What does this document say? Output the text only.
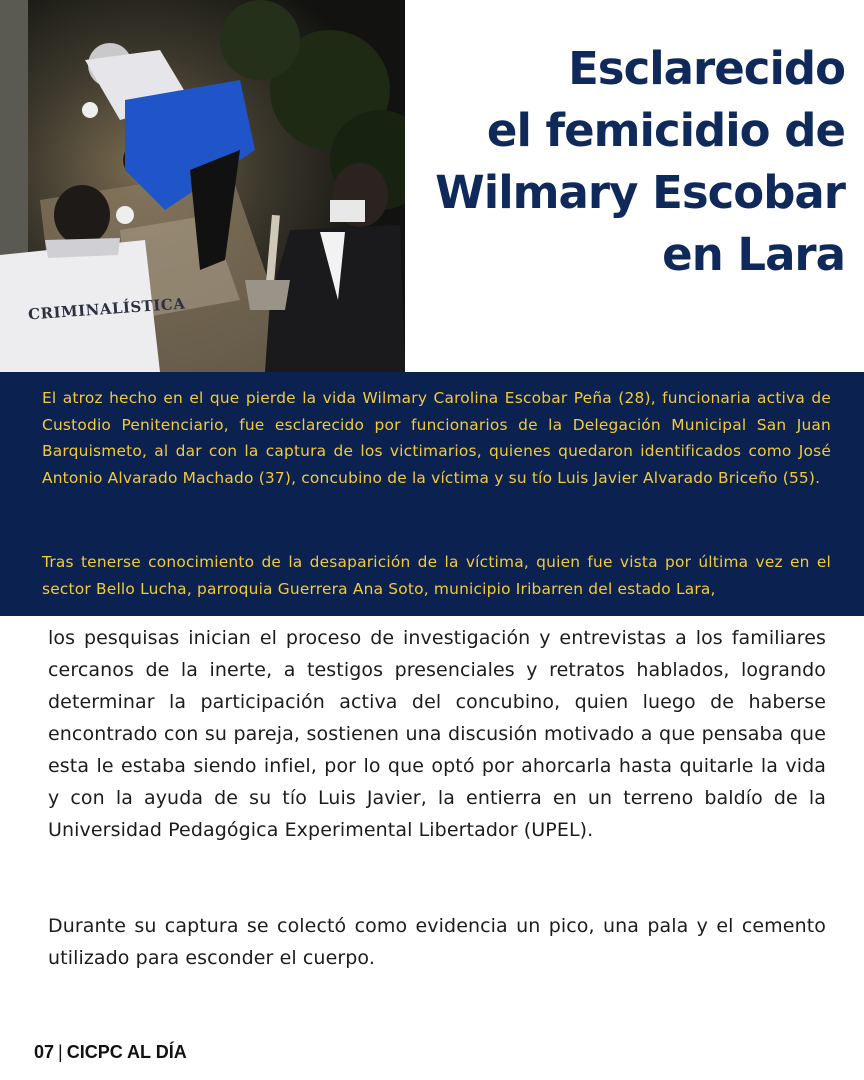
CRIMINALÍSTICA
Esclarecido
el femicidio de
Wilmary Escobar
en Lara

El atroz hecho en el que pierde la vida Wilmary Carolina Escobar Peña (28), funcionaria activa de Custodio Penitenciario, fue esclarecido por funcionarios de la Delegación Municipal San Juan Barquismeto, al dar con la captura de los victimarios, quienes quedaron identificados como José Antonio Alvarado Machado (37), concubino de la víctima y su tío Luis Javier Alvarado Briceño (55).

Tras tenerse conocimiento de la desaparición de la víctima, quien fue vista por última vez en el sector Bello Lucha, parroquia Guerrera Ana Soto, municipio Iribarren del estado Lara,

los pesquisas inician el proceso de investigación y entrevistas a los familiares cercanos de la inerte, a testigos presenciales y retratos hablados, logrando determinar la participación activa del concubino, quien luego de haberse encontrado con su pareja, sostienen una discusión motivado a que pensaba que esta le estaba siendo infiel, por lo que optó por ahorcarla hasta quitarle la vida y con la ayuda de su tío Luis Javier, la entierra en un terreno baldío de la Universidad Pedagógica Experimental Libertador (UPEL).

Durante su captura se colectó como evidencia un pico, una pala y el cemento utilizado para esconder el cuerpo.

07 | CICPC AL DÍA
